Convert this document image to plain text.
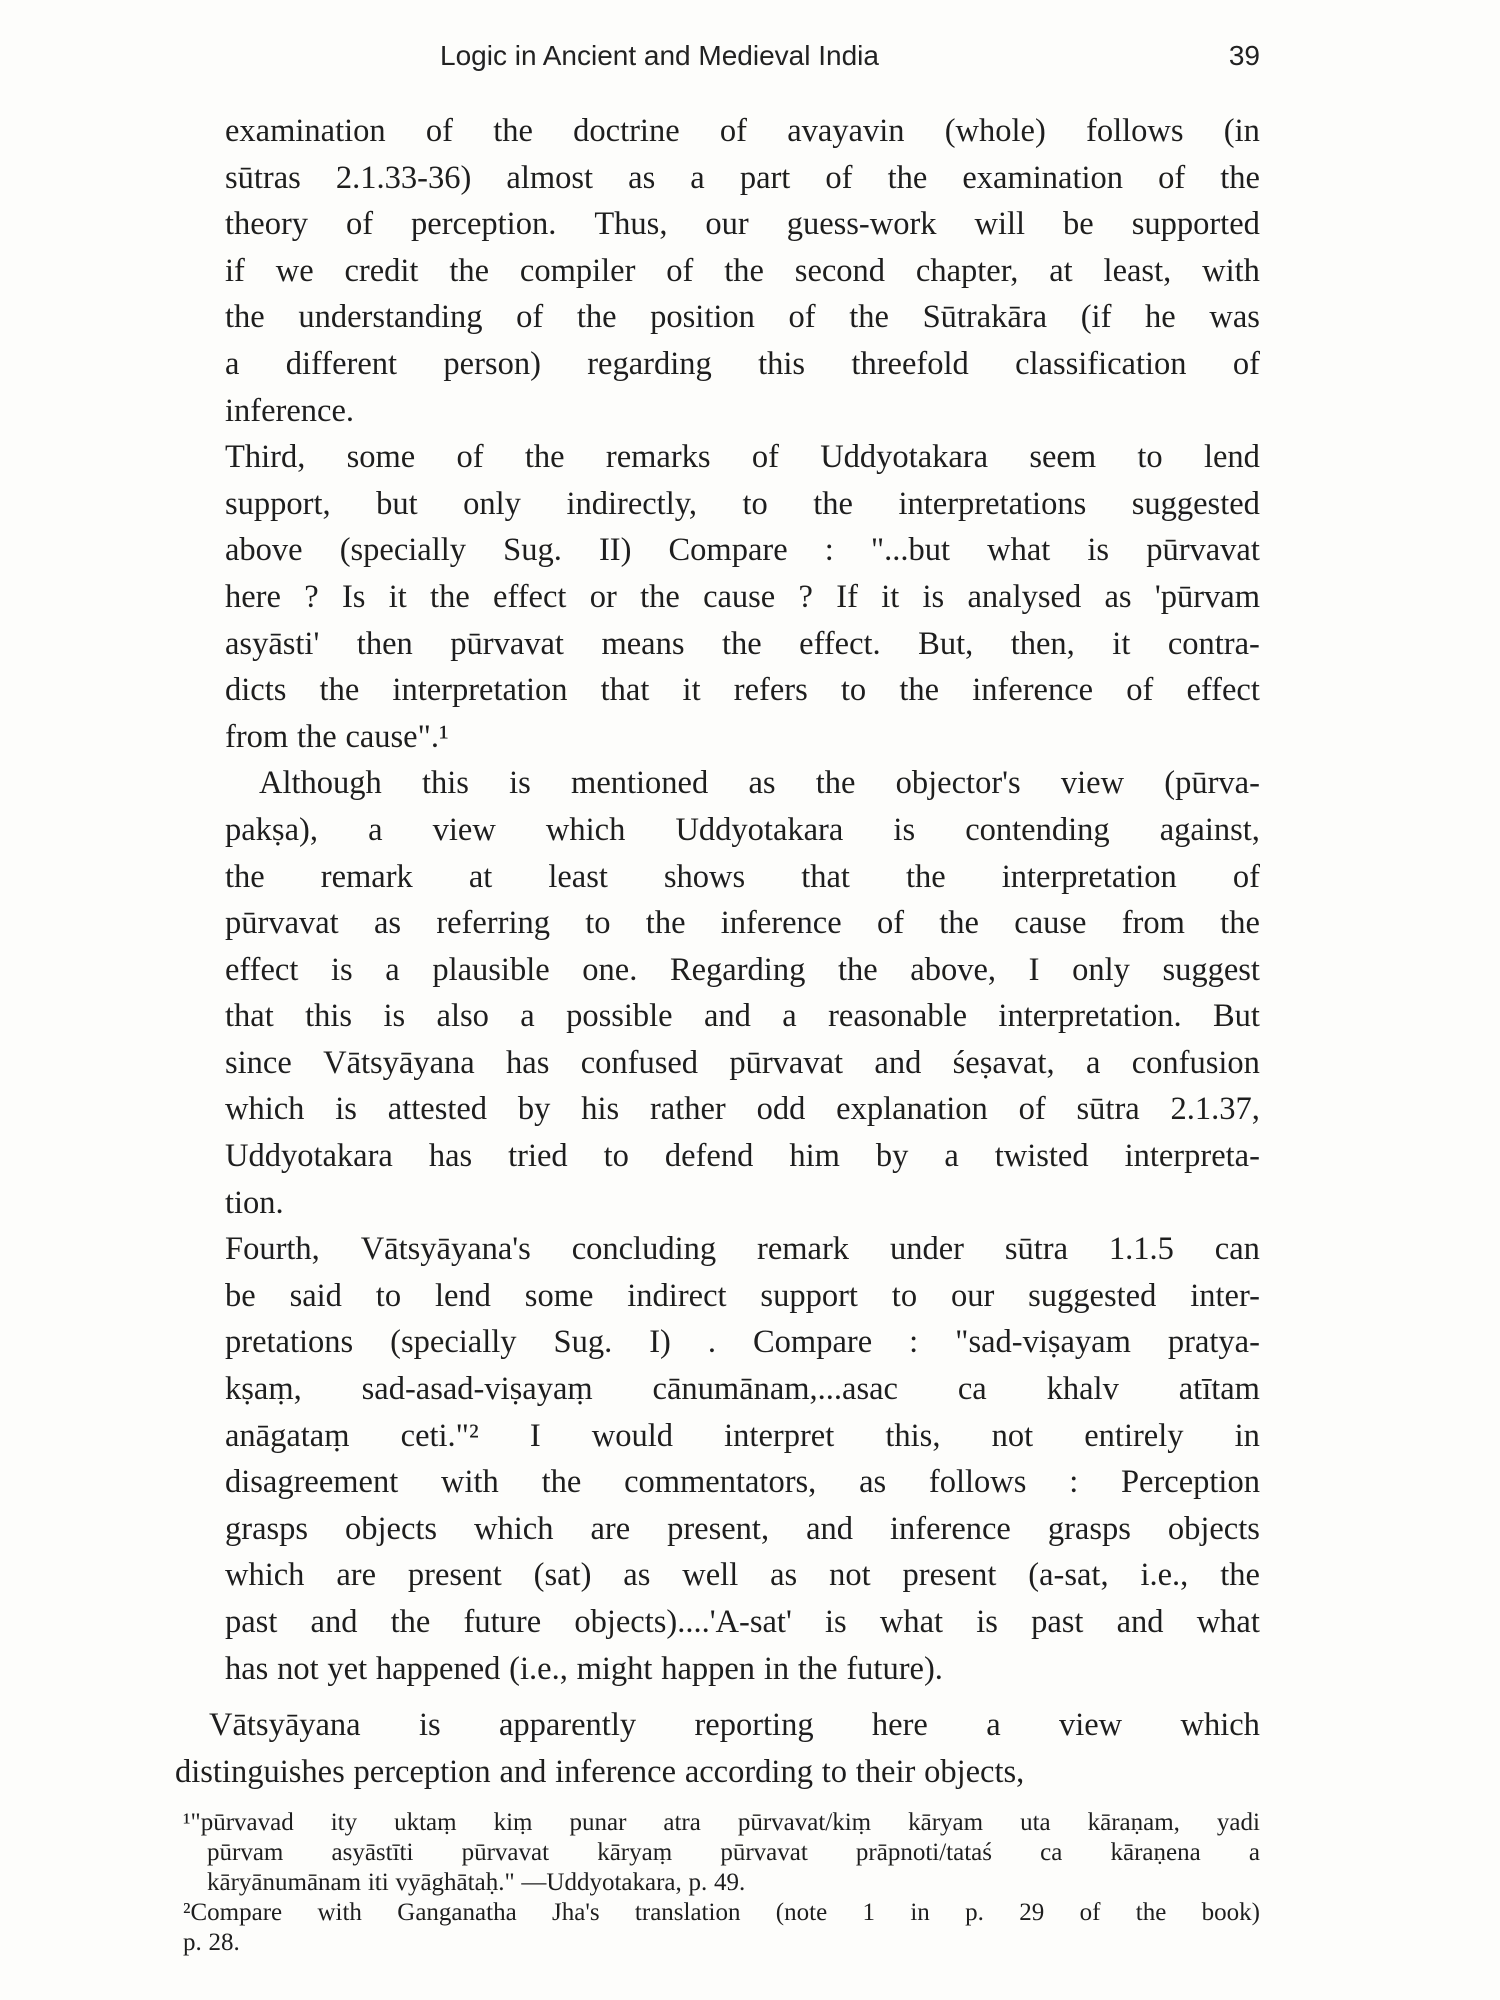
Logic in Ancient and Medieval India	39
examination of the doctrine of avayavin (whole) follows (in
sūtras 2.1.33-36) almost as a part of the examination of the
theory of perception. Thus, our guess-work will be supported
if we credit the compiler of the second chapter, at least, with
the understanding of the position of the Sūtrakāra (if he was
a different person) regarding this threefold classification of
inference.
Third, some of the remarks of Uddyotakara seem to lend
support, but only indirectly, to the interpretations suggested
above (specially Sug. II) Compare : "...but what is pūrvavat
here ? Is it the effect or the cause ? If it is analysed as 'pūrvam
asyāsti' then pūrvavat means the effect. But, then, it contra-
dicts the interpretation that it refers to the inference of effect
from the cause".¹
Although this is mentioned as the objector's view (pūrva-
pakṣa), a view which Uddyotakara is contending against,
the remark at least shows that the interpretation of
pūrvavat as referring to the inference of the cause from the
effect is a plausible one. Regarding the above, I only suggest
that this is also a possible and a reasonable interpretation. But
since Vātsyāyana has confused pūrvavat and śeṣavat, a confusion
which is attested by his rather odd explanation of sūtra 2.1.37,
Uddyotakara has tried to defend him by a twisted interpreta-
tion.
Fourth, Vātsyāyana's concluding remark under sūtra 1.1.5 can
be said to lend some indirect support to our suggested inter-
pretations (specially Sug. I) . Compare : "sad-viṣayam pratya-
kṣaṃ, sad-asad-viṣayaṃ cānumānam,...asac ca khalv atītam
anāgataṃ ceti."² I would interpret this, not entirely in
disagreement with the commentators, as follows : Perception
grasps objects which are present, and inference grasps objects
which are present (sat) as well as not present (a-sat, i.e., the
past and the future objects)....'A-sat' is what is past and what
has not yet happened (i.e., might happen in the future).
Vātsyāyana is apparently reporting here a view which
distinguishes perception and inference according to their objects,
¹"pūrvavad ity uktaṃ kiṃ punar atra pūrvavat/kiṃ kāryam uta kāraṇam, yadi
pūrvam asyāstīti pūrvavat kāryaṃ pūrvavat prāpnoti/tataś ca kāraṇena a
kāryānumānam iti vyāghātaḥ." —Uddyotakara, p. 49.
²Compare with Ganganatha Jha's translation (note 1 in p. 29 of the book)
p. 28.
